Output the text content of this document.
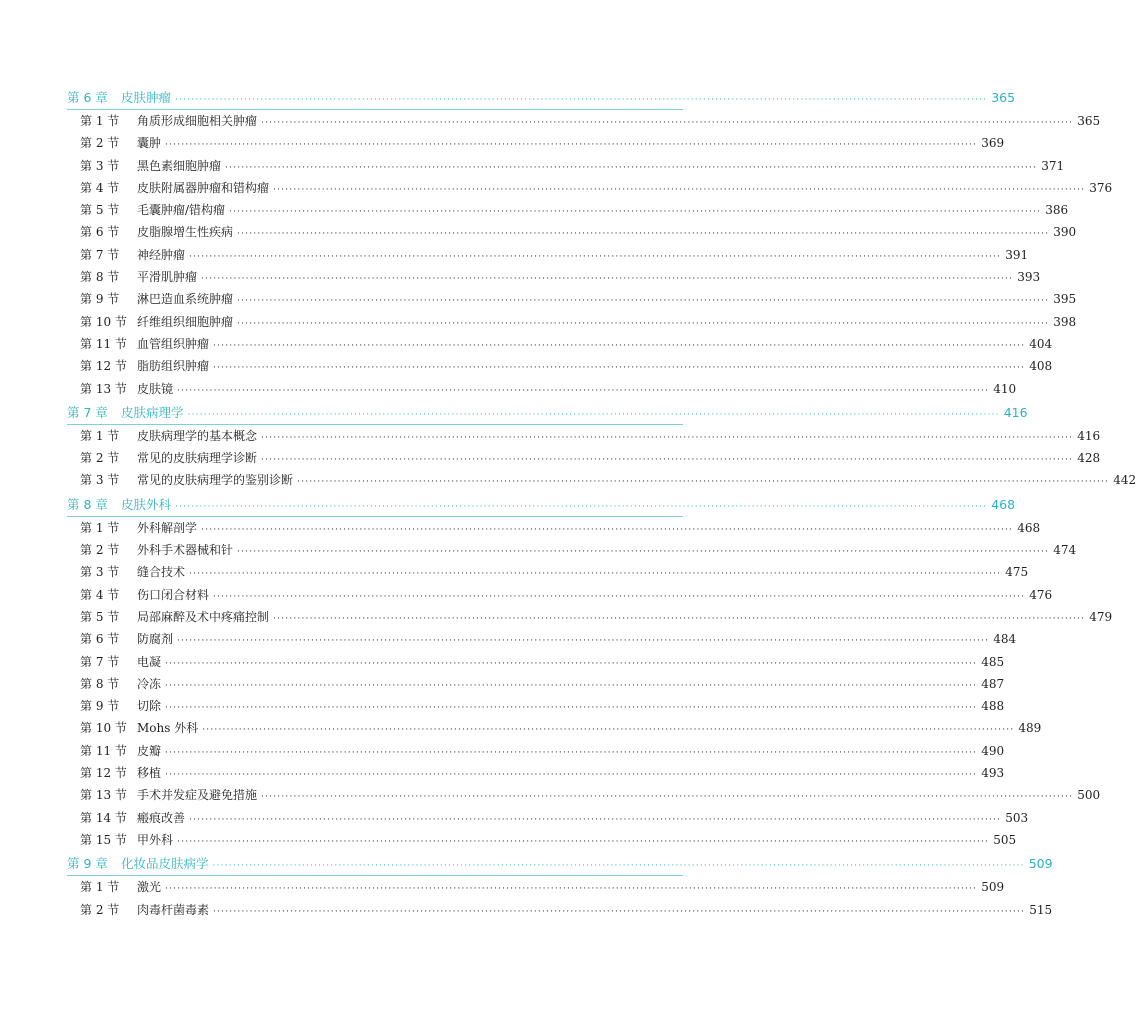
第 6 章	皮肤肿瘤 ········································································································································································································ 365
第 1 节	角质形成细胞相关肿瘤 ········································································································································································································ 365
第 2 节	囊肿 ········································································································································································································ 369
第 3 节	黑色素细胞肿瘤 ········································································································································································································ 371
第 4 节	皮肤附属器肿瘤和错构瘤 ········································································································································································································ 376
第 5 节	毛囊肿瘤/错构瘤 ········································································································································································································ 386
第 6 节	皮脂腺增生性疾病 ········································································································································································································ 390
第 7 节	神经肿瘤 ········································································································································································································ 391
第 8 节	平滑肌肿瘤 ········································································································································································································ 393
第 9 节	淋巴造血系统肿瘤 ········································································································································································································ 395
第 10 节 纤维组织细胞肿瘤 ········································································································································································································ 398
第 11 节 血管组织肿瘤 ········································································································································································································ 404
第 12 节 脂肪组织肿瘤 ········································································································································································································ 408
第 13 节 皮肤镜 ········································································································································································································ 410
第 7 章	皮肤病理学 ········································································································································································································ 416
第 1 节	皮肤病理学的基本概念 ········································································································································································································ 416
第 2 节	常见的皮肤病理学诊断 ········································································································································································································ 428
第 3 节	常见的皮肤病理学的鉴别诊断 ········································································································································································································ 442
第 8 章	皮肤外科 ········································································································································································································ 468
第 1 节	外科解剖学 ········································································································································································································ 468
第 2 节	外科手术器械和针 ········································································································································································································ 474
第 3 节	缝合技术 ········································································································································································································ 475
第 4 节	伤口闭合材料 ········································································································································································································ 476
第 5 节	局部麻醉及术中疼痛控制 ········································································································································································································ 479
第 6 节	防腐剂 ········································································································································································································ 484
第 7 节	电凝 ········································································································································································································ 485
第 8 节	冷冻 ········································································································································································································ 487
第 9 节	切除 ········································································································································································································ 488
第 10 节 Mohs 外科 ········································································································································································································ 489
第 11 节 皮瓣 ········································································································································································································ 490
第 12 节 移植 ········································································································································································································ 493
第 13 节 手术并发症及避免措施 ········································································································································································································ 500
第 14 节 瘢痕改善 ········································································································································································································ 503
第 15 节 甲外科 ········································································································································································································ 505
第 9 章	化妆品皮肤病学 ········································································································································································································ 509
第 1 节	激光 ········································································································································································································ 509
第 2 节	肉毒杆菌毒素 ········································································································································································································ 515
